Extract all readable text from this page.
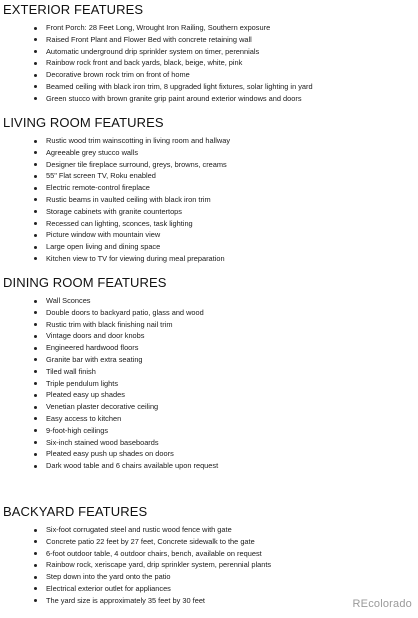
EXTERIOR FEATURES
Front Porch: 28 Feet Long, Wrought Iron Railing, Southern exposure
Raised Front Plant and Flower Bed with concrete retaining wall
Automatic underground drip sprinkler system on timer, perennials
Rainbow rock front and back yards, black, beige, white, pink
Decorative brown rock trim on front of home
Beamed ceiling with black iron trim, 8 upgraded light fixtures, solar lighting in yard
Green stucco with brown granite grip paint around exterior windows and doors
LIVING ROOM FEATURES
Rustic wood trim wainscotting in living room and hallway
Agreeable grey stucco walls
Designer tile fireplace surround, greys, browns, creams
55" Flat screen TV, Roku enabled
Electric remote-control fireplace
Rustic beams in vaulted ceiling with black iron trim
Storage cabinets with granite countertops
Recessed can lighting, sconces, task lighting
Picture window with mountain view
Large open living and dining space
Kitchen view to TV for viewing during meal preparation
DINING ROOM FEATURES
Wall Sconces
Double doors to backyard patio, glass and wood
Rustic trim with black finishing nail trim
Vintage doors and door knobs
Engineered hardwood floors
Granite bar with extra seating
Tiled wall finish
Triple pendulum lights
Pleated easy up shades
Venetian plaster decorative ceiling
Easy access to kitchen
9-foot-high ceilings
Six-inch stained wood baseboards
Pleated easy push up shades on doors
Dark wood table and 6 chairs available upon request
BACKYARD FEATURES
Six-foot corrugated steel and rustic wood fence with gate
Concrete patio 22 feet by 27 feet, Concrete sidewalk to the gate
6-foot outdoor table, 4 outdoor chairs, bench, available on request
Rainbow rock, xeriscape yard, drip sprinkler system, perennial plants
Step down into the yard onto the patio
Electrical exterior outlet for appliances
The yard size is approximately 35 feet by 30 feet	REcolorado
